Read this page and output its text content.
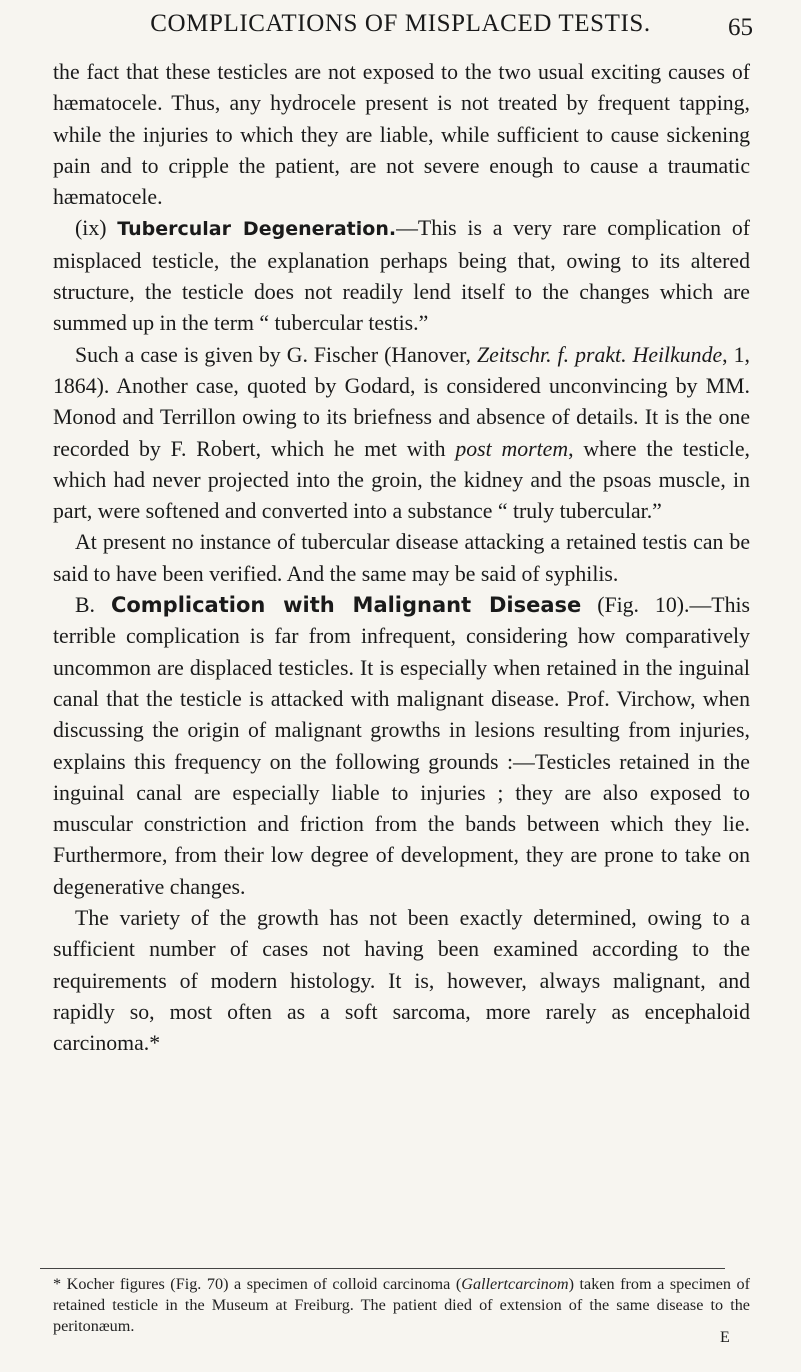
COMPLICATIONS OF MISPLACED TESTIS.	65

the fact that these testicles are not exposed to the two usual exciting causes of hæmatocele. Thus, any hydrocele present is not treated by frequent tapping, while the injuries to which they are liable, while sufficient to cause sickening pain and to cripple the patient, are not severe enough to cause a traumatic hæmatocele.

(ix) Tubercular Degeneration.—This is a very rare complication of misplaced testicle, the explanation perhaps being that, owing to its altered structure, the testicle does not readily lend itself to the changes which are summed up in the term “ tubercular testis.”

Such a case is given by G. Fischer (Hanover, Zeitschr. f. prakt. Heilkunde, 1, 1864). Another case, quoted by Godard, is considered unconvincing by MM. Monod and Terrillon owing to its briefness and absence of details. It is the one recorded by F. Robert, which he met with post mortem, where the testicle, which had never projected into the groin, the kidney and the psoas muscle, in part, were softened and converted into a substance “ truly tubercular.”

At present no instance of tubercular disease attacking a retained testis can be said to have been verified. And the same may be said of syphilis.

B. Complication with Malignant Disease (Fig. 10).—This terrible complication is far from infrequent, considering how comparatively uncommon are displaced testicles. It is especially when retained in the inguinal canal that the testicle is attacked with malignant disease. Prof. Virchow, when discussing the origin of malignant growths in lesions resulting from injuries, explains this frequency on the following grounds :—Testicles retained in the inguinal canal are especially liable to injuries ; they are also exposed to muscular constriction and friction from the bands between which they lie. Furthermore, from their low degree of development, they are prone to take on degenerative changes.

The variety of the growth has not been exactly determined, owing to a sufficient number of cases not having been examined according to the requirements of modern histology. It is, however, always malignant, and rapidly so, most often as a soft sarcoma, more rarely as encephaloid carcinoma.*

* Kocher figures (Fig. 70) a specimen of colloid carcinoma (Gallertcarcinom) taken from a specimen of retained testicle in the Museum at Freiburg. The patient died of extension of the same disease to the peritonæum.
E
